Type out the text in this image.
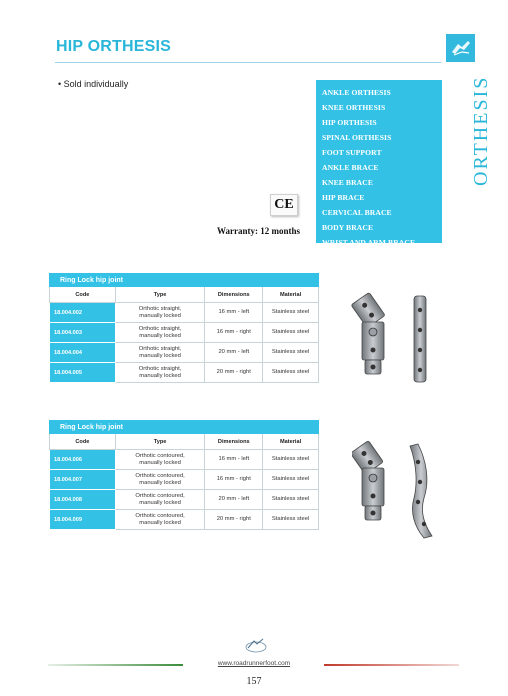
HIP ORTHESIS
• Sold individually
ANKLE ORTHESIS
KNEE ORTHESIS
HIP ORTHESIS
SPINAL ORTHESIS
FOOT SUPPORT
ANKLE BRACE
KNEE BRACE
HIP BRACE
CERVICAL BRACE
BODY BRACE
WRIST AND ARM BRACE
ORTHESIS
CE
Warranty: 12 months
Ring Lock hip joint			
Code	Type	Dimensions	Material
18.004.002	Orthotic straight,
manually locked	16 mm - left	Stainless steel
18.004.003	Orthotic straight,
manually locked	16 mm - right	Stainless steel
18.004.004	Orthotic straight,
manually locked	20 mm - left	Stainless steel
18.004.005	Orthotic straight,
manually locked	20 mm - right	Stainless steel
Ring Lock hip joint			
Code	Type	Dimensions	Material
18.004.006	Orthotic contoured,
manually locked	16 mm - left	Stainless steel
18.004.007	Orthotic contoured,
manually locked	16 mm - right	Stainless steel
18.004.008	Orthotic contoured,
manually locked	20 mm - left	Stainless steel
18.004.009	Orthotic contoured,
manually locked	20 mm - right	Stainless steel
www.roadrunnerfoot.com
157
